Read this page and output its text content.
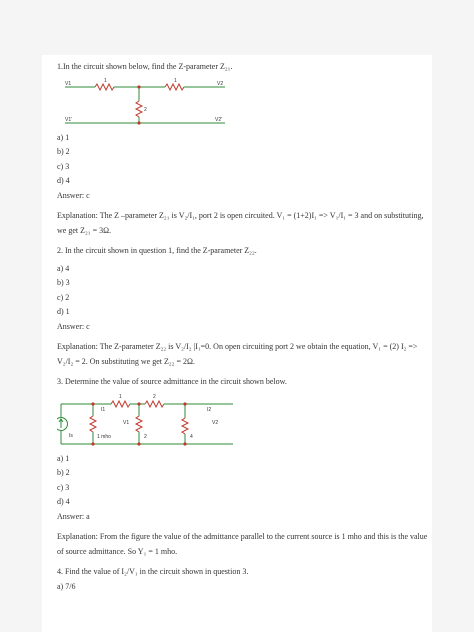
1.In the circuit shown below, find the Z-parameter Z₂₁.

1	1
2
V1	V2
V1'	V2'

a) 1

b) 2

c) 3

d) 4

Answer: c

Explanation: The Z –parameter Z₂₁ is V₂/I₁, port 2 is open circuited. V₁ = (1+2)I₁ => V₁/I₁ = 3 and on substituting,

we get Z₂₁ = 3Ω.

2. In the circuit shown in question 1, find the Z-parameter Z₂₂.

a) 4

b) 3

c) 2

d) 1

Answer: c

Explanation: The Z-parameter Z₂₂ is V₂/I₂ |I₁=0. On open circuiting port 2 we obtain the equation, V₁ = (2) I₂ =>

V₂/I₂ = 2. On substituting we get Z₂₂ = 2Ω.

3. Determine the value of source admittance in the circuit shown below.

1	2
I1	I2
V1	V2
Is	1 mho	2	4

a) 1

b) 2

c) 3

d) 4

Answer: a

Explanation: From the figure the value of the admittance parallel to the current source is 1 mho and this is the value

of source admittance. So Y₁ = 1 mho.

4. Find the value of I₂/V₁ in the circuit shown in question 3.

a) 7/6
